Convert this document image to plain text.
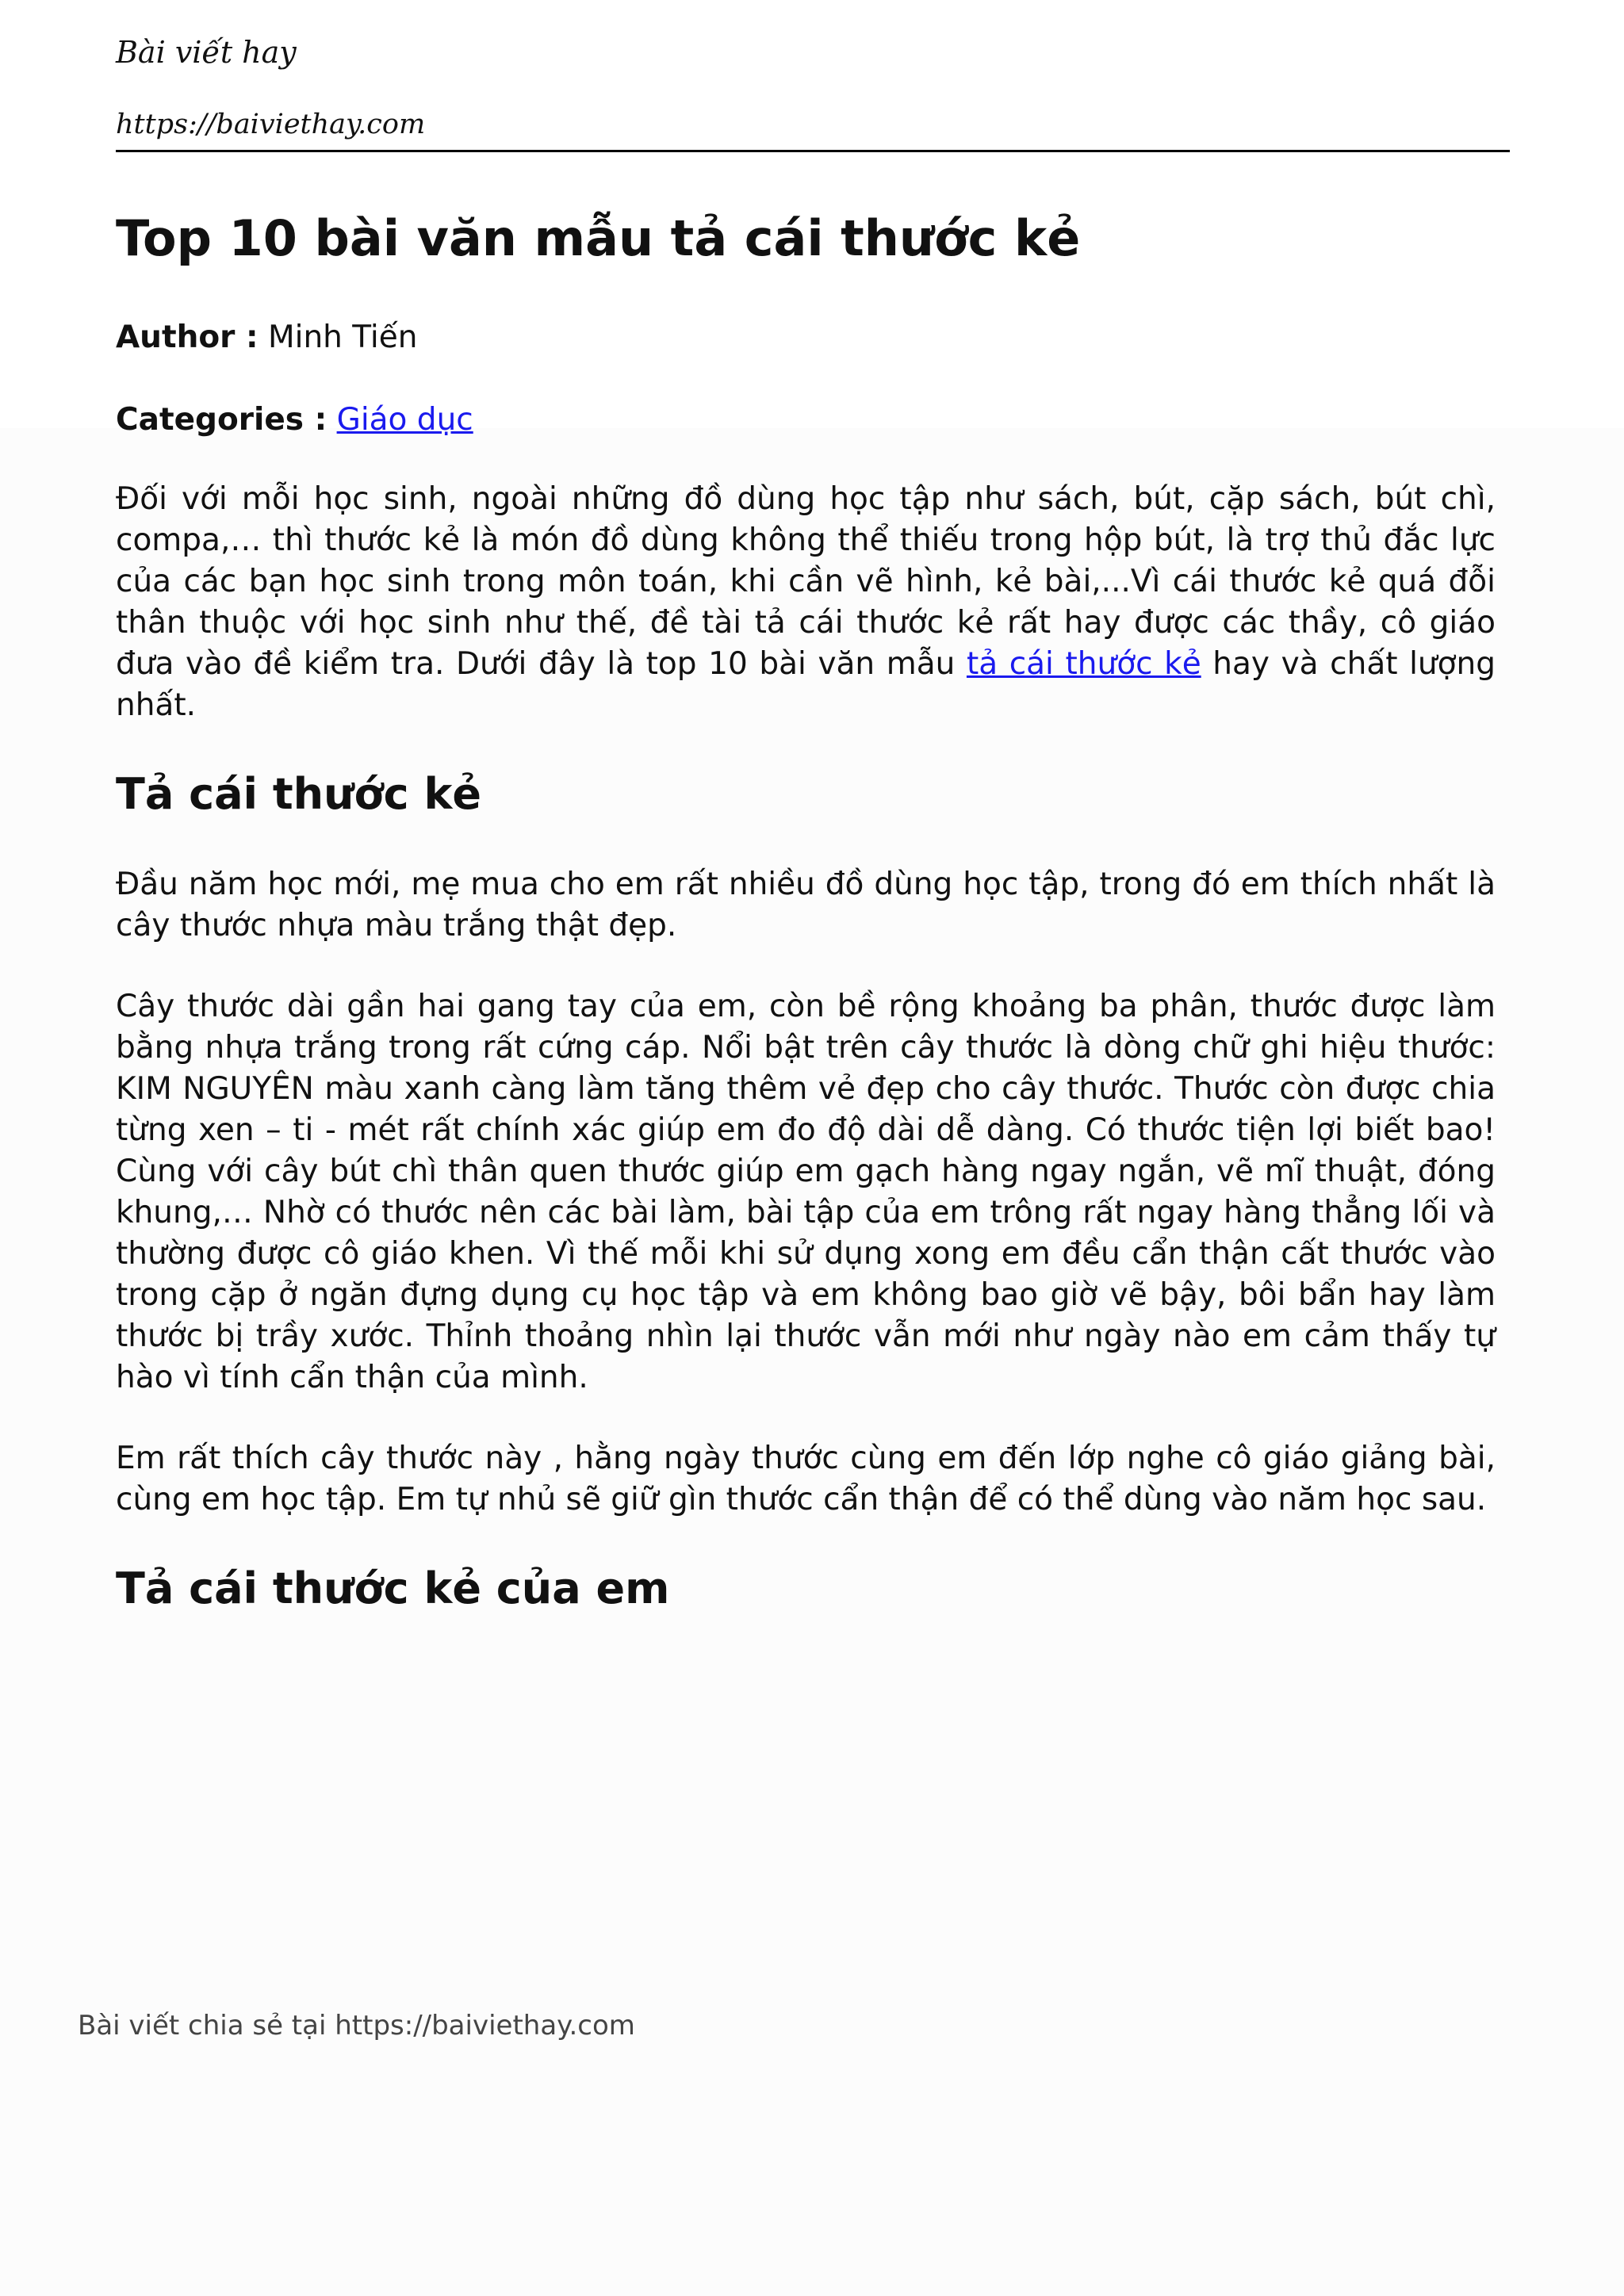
Bài viết hay

https://baiviethay.com

Top 10 bài văn mẫu tả cái thước kẻ

Author : Minh Tiến

Categories : Giáo dục

Đối với mỗi học sinh, ngoài những đồ dùng học tập như sách, bút, cặp sách, bút chì, compa,… thì thước kẻ là món đồ dùng không thể thiếu trong hộp bút, là trợ thủ đắc lực của các bạn học sinh trong môn toán, khi cần vẽ hình, kẻ bài,...Vì cái thước kẻ quá đỗi thân thuộc với học sinh như thế, đề tài tả cái thước kẻ rất hay được các thầy, cô giáo đưa vào đề kiểm tra. Dưới đây là top 10 bài văn mẫu tả cái thước kẻ hay và chất lượng nhất.

Tả cái thước kẻ

Đầu năm học mới, mẹ mua cho em rất nhiều đồ dùng học tập, trong đó em thích nhất là cây thước nhựa màu trắng thật đẹp.

Cây thước dài gần hai gang tay của em, còn bề rộng khoảng ba phân, thước được làm bằng nhựa trắng trong rất cứng cáp. Nổi bật trên cây thước là dòng chữ ghi hiệu thước: KIM NGUYÊN màu xanh càng làm tăng thêm vẻ đẹp cho cây thước. Thước còn được chia từng xen – ti - mét rất chính xác giúp em đo độ dài dễ dàng. Có thước tiện lợi biết bao! Cùng với cây bút chì thân quen thước giúp em gạch hàng ngay ngắn, vẽ mĩ thuật, đóng khung,… Nhờ có thước nên các bài làm, bài tập của em trông rất ngay hàng thẳng lối và thường được cô giáo khen. Vì thế mỗi khi sử dụng xong em đều cẩn thận cất thước vào trong cặp ở ngăn đựng dụng cụ học tập và em không bao giờ vẽ bậy, bôi bẩn hay làm thước bị trầy xước. Thỉnh thoảng nhìn lại thước vẫn mới như ngày nào em cảm thấy tự hào vì tính cẩn thận của mình.

Em rất thích cây thước này , hằng ngày thước cùng em đến lớp nghe cô giáo giảng bài, cùng em học tập. Em tự nhủ sẽ giữ gìn thước cẩn thận để có thể dùng vào năm học sau.

Tả cái thước kẻ của em

Bài viết chia sẻ tại https://baiviethay.com
